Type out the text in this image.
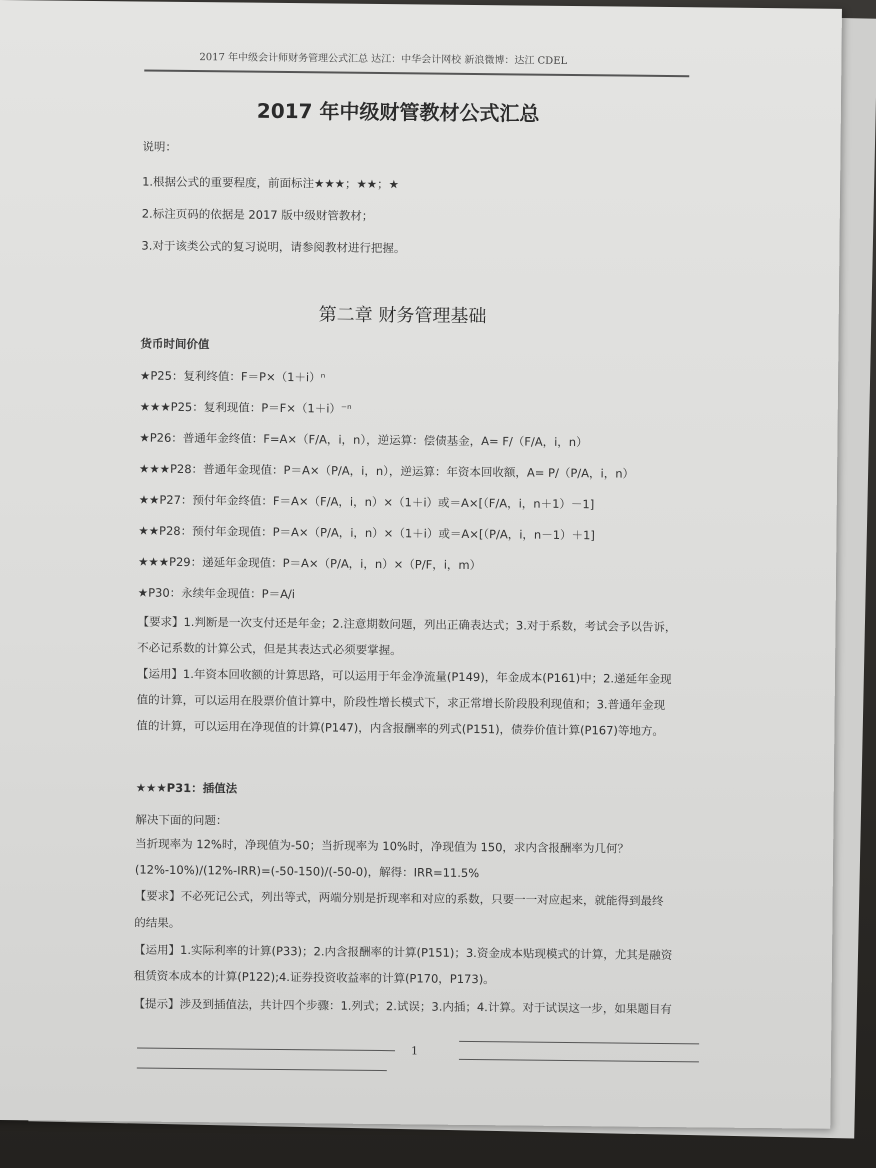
2017 年中级会计师财务管理公式汇总 达江：中华会计网校 新浪微博：达江 CDEL
2017 年中级财管教材公式汇总
说明：
1.根据公式的重要程度，前面标注★★★；★★；★
2.标注页码的依据是 2017 版中级财管教材；
3.对于该类公式的复习说明，请参阅教材进行把握。
第二章 财务管理基础
货币时间价值
★P25：复利终值：F＝P×（1＋i）ⁿ
★★★P25：复利现值：P＝F×（1＋i）⁻ⁿ
★P26：普通年金终值：F=A×（F/A，i，n），逆运算：偿债基金，A= F/（F/A，i，n）
★★★P28：普通年金现值：P＝A×（P/A，i，n），逆运算：年资本回收额，A= P/（P/A，i，n）
★★P27：预付年金终值：F＝A×（F/A，i，n）×（1＋i）或＝A×[（F/A，i，n＋1）－1]
★★P28：预付年金现值：P＝A×（P/A，i，n）×（1＋i）或＝A×[（P/A，i，n－1）＋1]
★★★P29：递延年金现值：P＝A×（P/A，i，n）×（P/F，i，m）
★P30：永续年金现值：P＝A/i
【要求】1.判断是一次支付还是年金；2.注意期数问题，列出正确表达式；3.对于系数，考试会予以告诉，
不必记系数的计算公式，但是其表达式必须要掌握。
【运用】1.年资本回收额的计算思路，可以运用于年金净流量(P149)，年金成本(P161)中；2.递延年金现
值的计算，可以运用在股票价值计算中，阶段性增长模式下，求正常增长阶段股利现值和；3.普通年金现
值的计算，可以运用在净现值的计算(P147)，内含报酬率的列式(P151)，债券价值计算(P167)等地方。
★★★P31：插值法
解决下面的问题：
当折现率为 12%时，净现值为-50；当折现率为 10%时，净现值为 150，求内含报酬率为几何？
(12%-10%)/(12%-IRR)=(-50-150)/(-50-0)，解得：IRR=11.5%
【要求】不必死记公式，列出等式，两端分别是折现率和对应的系数，只要一一对应起来，就能得到最终
的结果。
【运用】1.实际利率的计算(P33)；2.内含报酬率的计算(P151)；3.资金成本贴现模式的计算，尤其是融资
租赁资本成本的计算(P122);4.证券投资收益率的计算(P170，P173)。
【提示】涉及到插值法，共计四个步骤：1.列式；2.试误；3.内插；4.计算。对于试误这一步，如果题目有
1
